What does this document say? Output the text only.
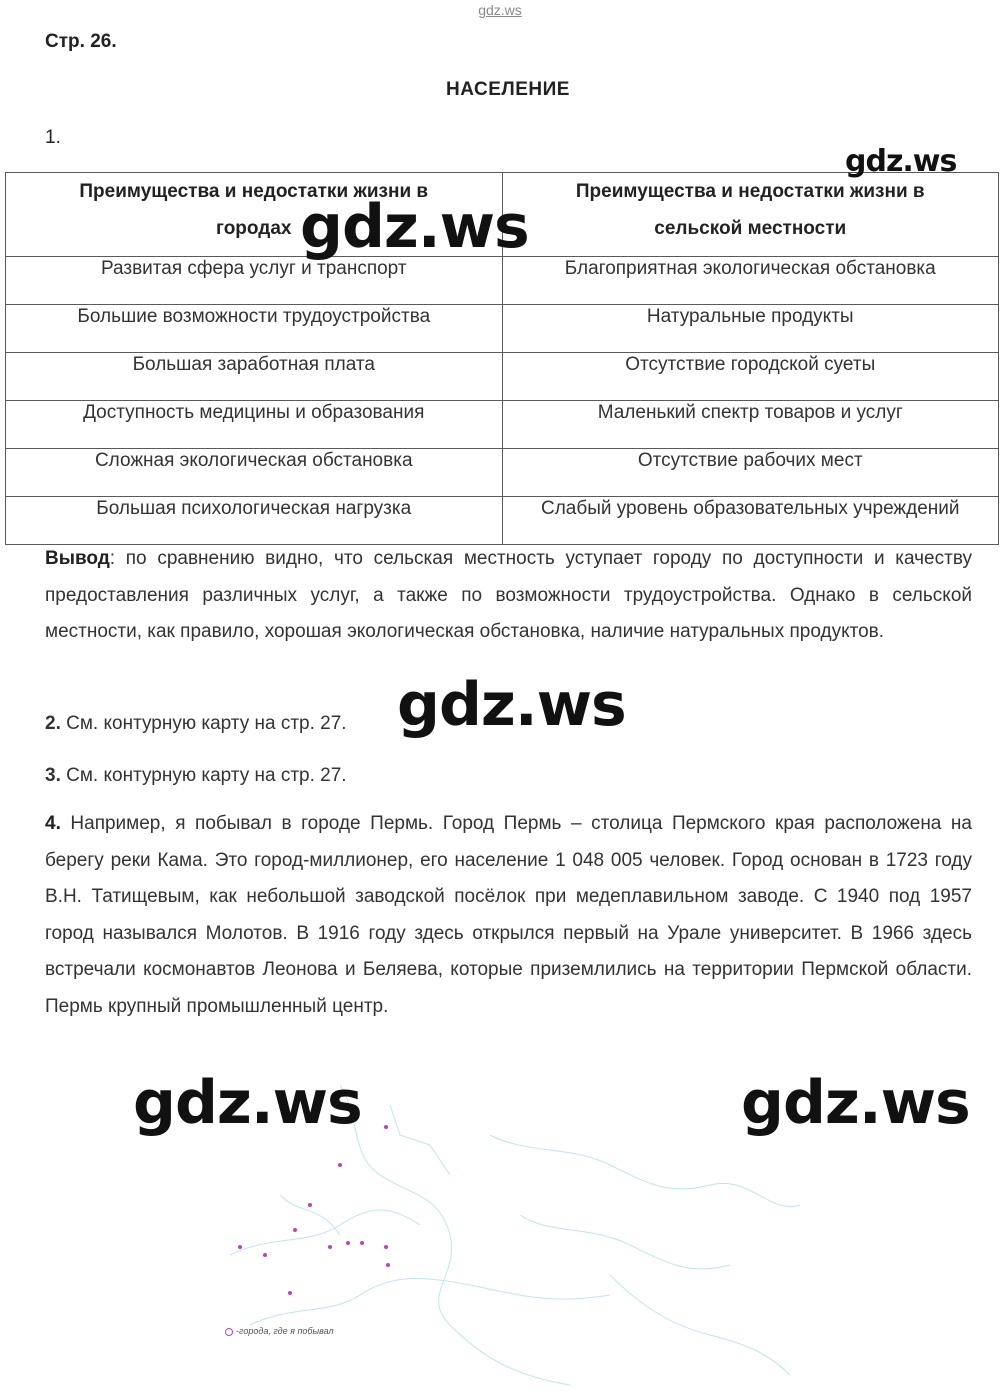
gdz.ws
Стр. 26.
НАСЕЛЕНИЕ
1.
Преимущества и недостатки жизни в городах	Преимущества и недостатки жизни в сельской местности

Развитая сфера услуг и транспорт	Благоприятная экологическая обстановка

Большие возможности трудоустройства	Натуральные продукты

Большая заработная плата	Отсутствие городской суеты

Доступность медицины и образования	Маленький спектр товаров и услуг

Сложная экологическая обстановка	Отсутствие рабочих мест

Большая психологическая нагрузка	Слабый уровень образовательных учреждений
Вывод: по сравнению видно, что сельская местность уступает городу по доступности и качеству предоставления различных услуг, а также по возможности трудоустройства. Однако в сельской местности, как правило, хорошая экологическая обстановка, наличие натуральных продуктов.
2. См. контурную карту на стр. 27.
3. См. контурную карту на стр. 27.
4. Например, я побывал в городе Пермь. Город Пермь – столица Пермского края расположена на берегу реки Кама. Это город-миллионер, его население 1 048 005 человек. Город основан в 1723 году В.Н. Татищевым, как небольшой заводской посёлок при медеплавильном заводе. С 1940 под 1957 город назывался Молотов. В 1916 году здесь открылся первый на Урале университет. В 1966 здесь встречали космонавтов Леонова и Беляева, которые приземлились на территории Пермской области. Пермь крупный промышленный центр.
-города, где я побывал
gdz.ws
gdz.ws
gdz.ws
gdz.ws	gdz.ws
